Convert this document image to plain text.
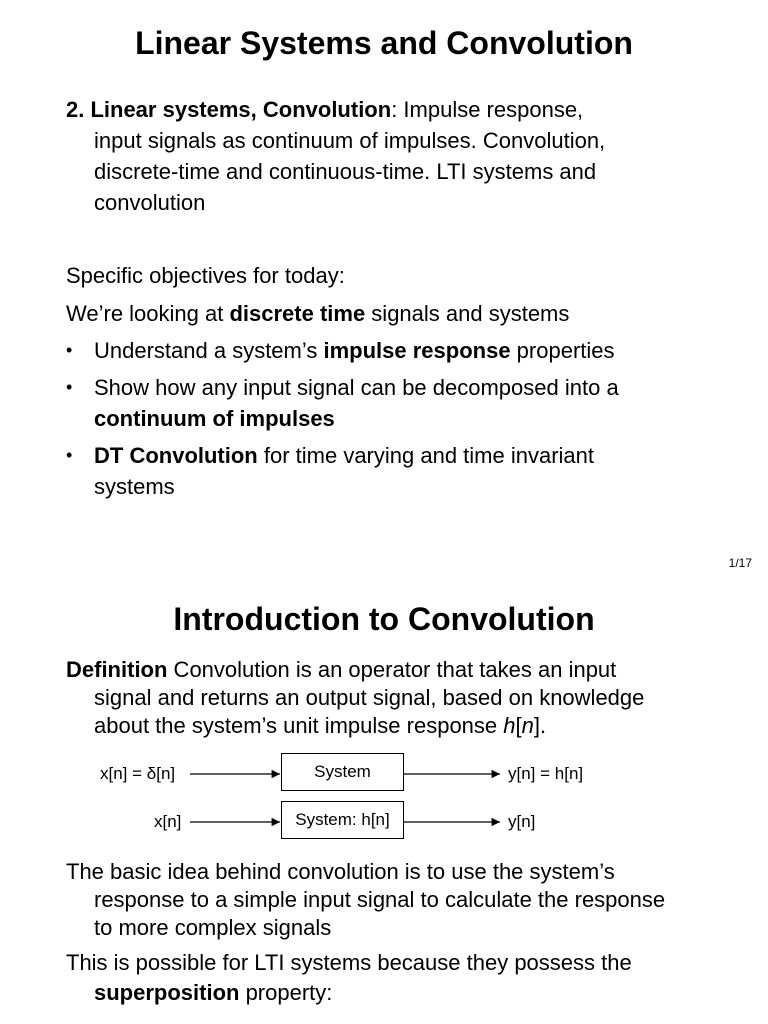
Linear Systems and Convolution
2. Linear systems, Convolution: Impulse response,
input signals as continuum of impulses. Convolution,
discrete-time and continuous-time. LTI systems and
convolution
Specific objectives for today:
We’re looking at discrete time signals and systems
• Understand a system’s impulse response properties
• Show how any input signal can be decomposed into a
continuum of impulses
• DT Convolution for time varying and time invariant
systems
1/17
Introduction to Convolution
Definition Convolution is an operator that takes an input
signal and returns an output signal, based on knowledge
about the system’s unit impulse response h[n].
x[n] = δ[n]	System	y[n] = h[n]
x[n]	System: h[n]	y[n]
The basic idea behind convolution is to use the system’s
response to a simple input signal to calculate the response
to more complex signals
This is possible for LTI systems because they possess the
superposition property:
